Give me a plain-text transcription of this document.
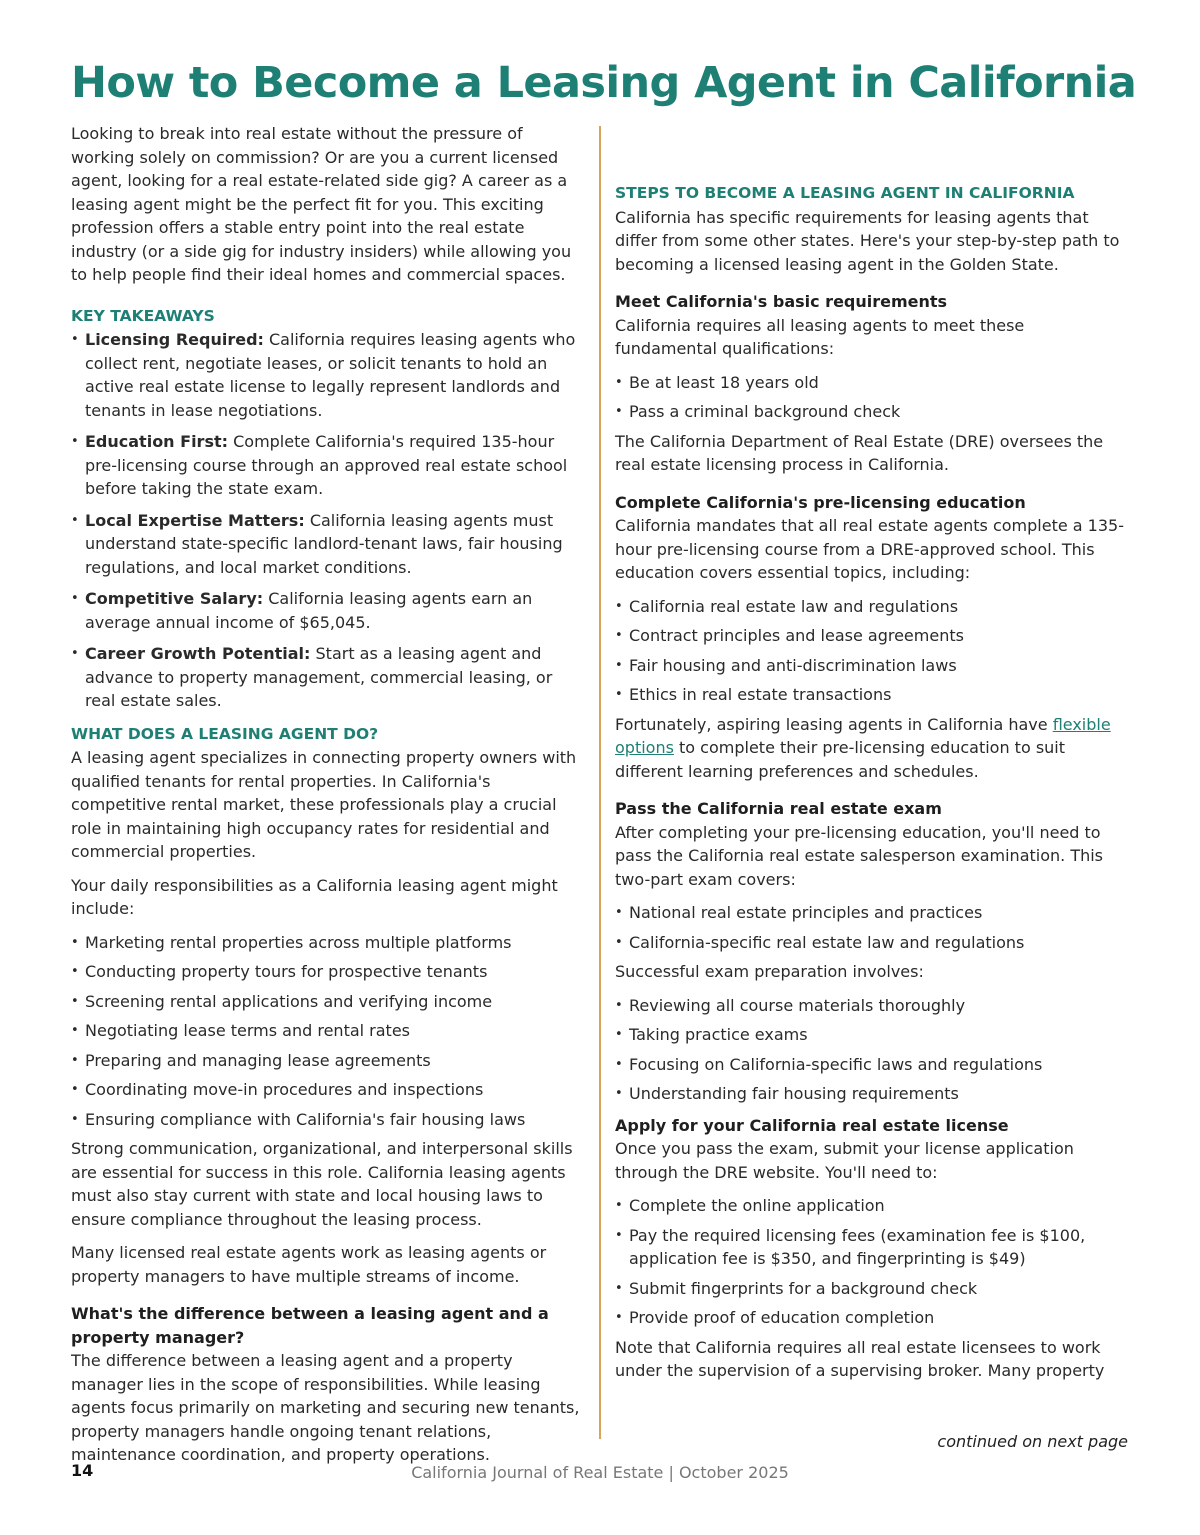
How to Become a Leasing Agent in California

Looking to break into real estate without the pressure of working solely on commission? Or are you a current licensed agent, looking for a real estate-related side gig? A career as a leasing agent might be the perfect fit for you. This exciting profession offers a stable entry point into the real estate industry (or a side gig for industry insiders) while allowing you to help people find their ideal homes and commercial spaces.

KEY TAKEAWAYS
• Licensing Required: California requires leasing agents who collect rent, negotiate leases, or solicit tenants to hold an active real estate license to legally represent landlords and tenants in lease negotiations.
• Education First: Complete California's required 135-hour pre-licensing course through an approved real estate school before taking the state exam.
• Local Expertise Matters: California leasing agents must understand state-specific landlord-tenant laws, fair housing regulations, and local market conditions.
• Competitive Salary: California leasing agents earn an average annual income of $65,045.
• Career Growth Potential: Start as a leasing agent and advance to property management, commercial leasing, or real estate sales.
WHAT DOES A LEASING AGENT DO?

A leasing agent specializes in connecting property owners with qualified tenants for rental properties. In California's competitive rental market, these professionals play a crucial role in maintaining high occupancy rates for residential and commercial properties.

Your daily responsibilities as a California leasing agent might include:

• Marketing rental properties across multiple platforms
• Conducting property tours for prospective tenants
• Screening rental applications and verifying income
• Negotiating lease terms and rental rates
• Preparing and managing lease agreements
• Coordinating move-in procedures and inspections
• Ensuring compliance with California's fair housing laws

Strong communication, organizational, and interpersonal skills are essential for success in this role. California leasing agents must also stay current with state and local housing laws to ensure compliance throughout the leasing process.

Many licensed real estate agents work as leasing agents or property managers to have multiple streams of income.

What's the difference between a leasing agent and a property manager?

The difference between a leasing agent and a property manager lies in the scope of responsibilities. While leasing agents focus primarily on marketing and securing new tenants, property managers handle ongoing tenant relations, maintenance coordination, and property operations.

STEPS TO BECOME A LEASING AGENT IN CALIFORNIA

California has specific requirements for leasing agents that differ from some other states. Here's your step-by-step path to becoming a licensed leasing agent in the Golden State.

Meet California's basic requirements

California requires all leasing agents to meet these fundamental qualifications:

• Be at least 18 years old
• Pass a criminal background check

The California Department of Real Estate (DRE) oversees the real estate licensing process in California.

Complete California's pre-licensing education

California mandates that all real estate agents complete a 135-hour pre-licensing course from a DRE-approved school. This education covers essential topics, including:

• California real estate law and regulations
• Contract principles and lease agreements
• Fair housing and anti-discrimination laws
• Ethics in real estate transactions

Fortunately, aspiring leasing agents in California have flexible options to complete their pre-licensing education to suit different learning preferences and schedules.

Pass the California real estate exam

After completing your pre-licensing education, you'll need to pass the California real estate salesperson examination. This two-part exam covers:

• National real estate principles and practices
• California-specific real estate law and regulations

Successful exam preparation involves:

• Reviewing all course materials thoroughly
• Taking practice exams
• Focusing on California-specific laws and regulations
• Understanding fair housing requirements
Apply for your California real estate license

Once you pass the exam, submit your license application through the DRE website. You'll need to:

• Complete the online application
• Pay the required licensing fees (examination fee is $100, application fee is $350, and fingerprinting is $49)
• Submit fingerprints for a background check
• Provide proof of education completion

Note that California requires all real estate licensees to work under the supervision of a supervising broker. Many property

continued on next page
14	California Journal of Real Estate | October 2025
